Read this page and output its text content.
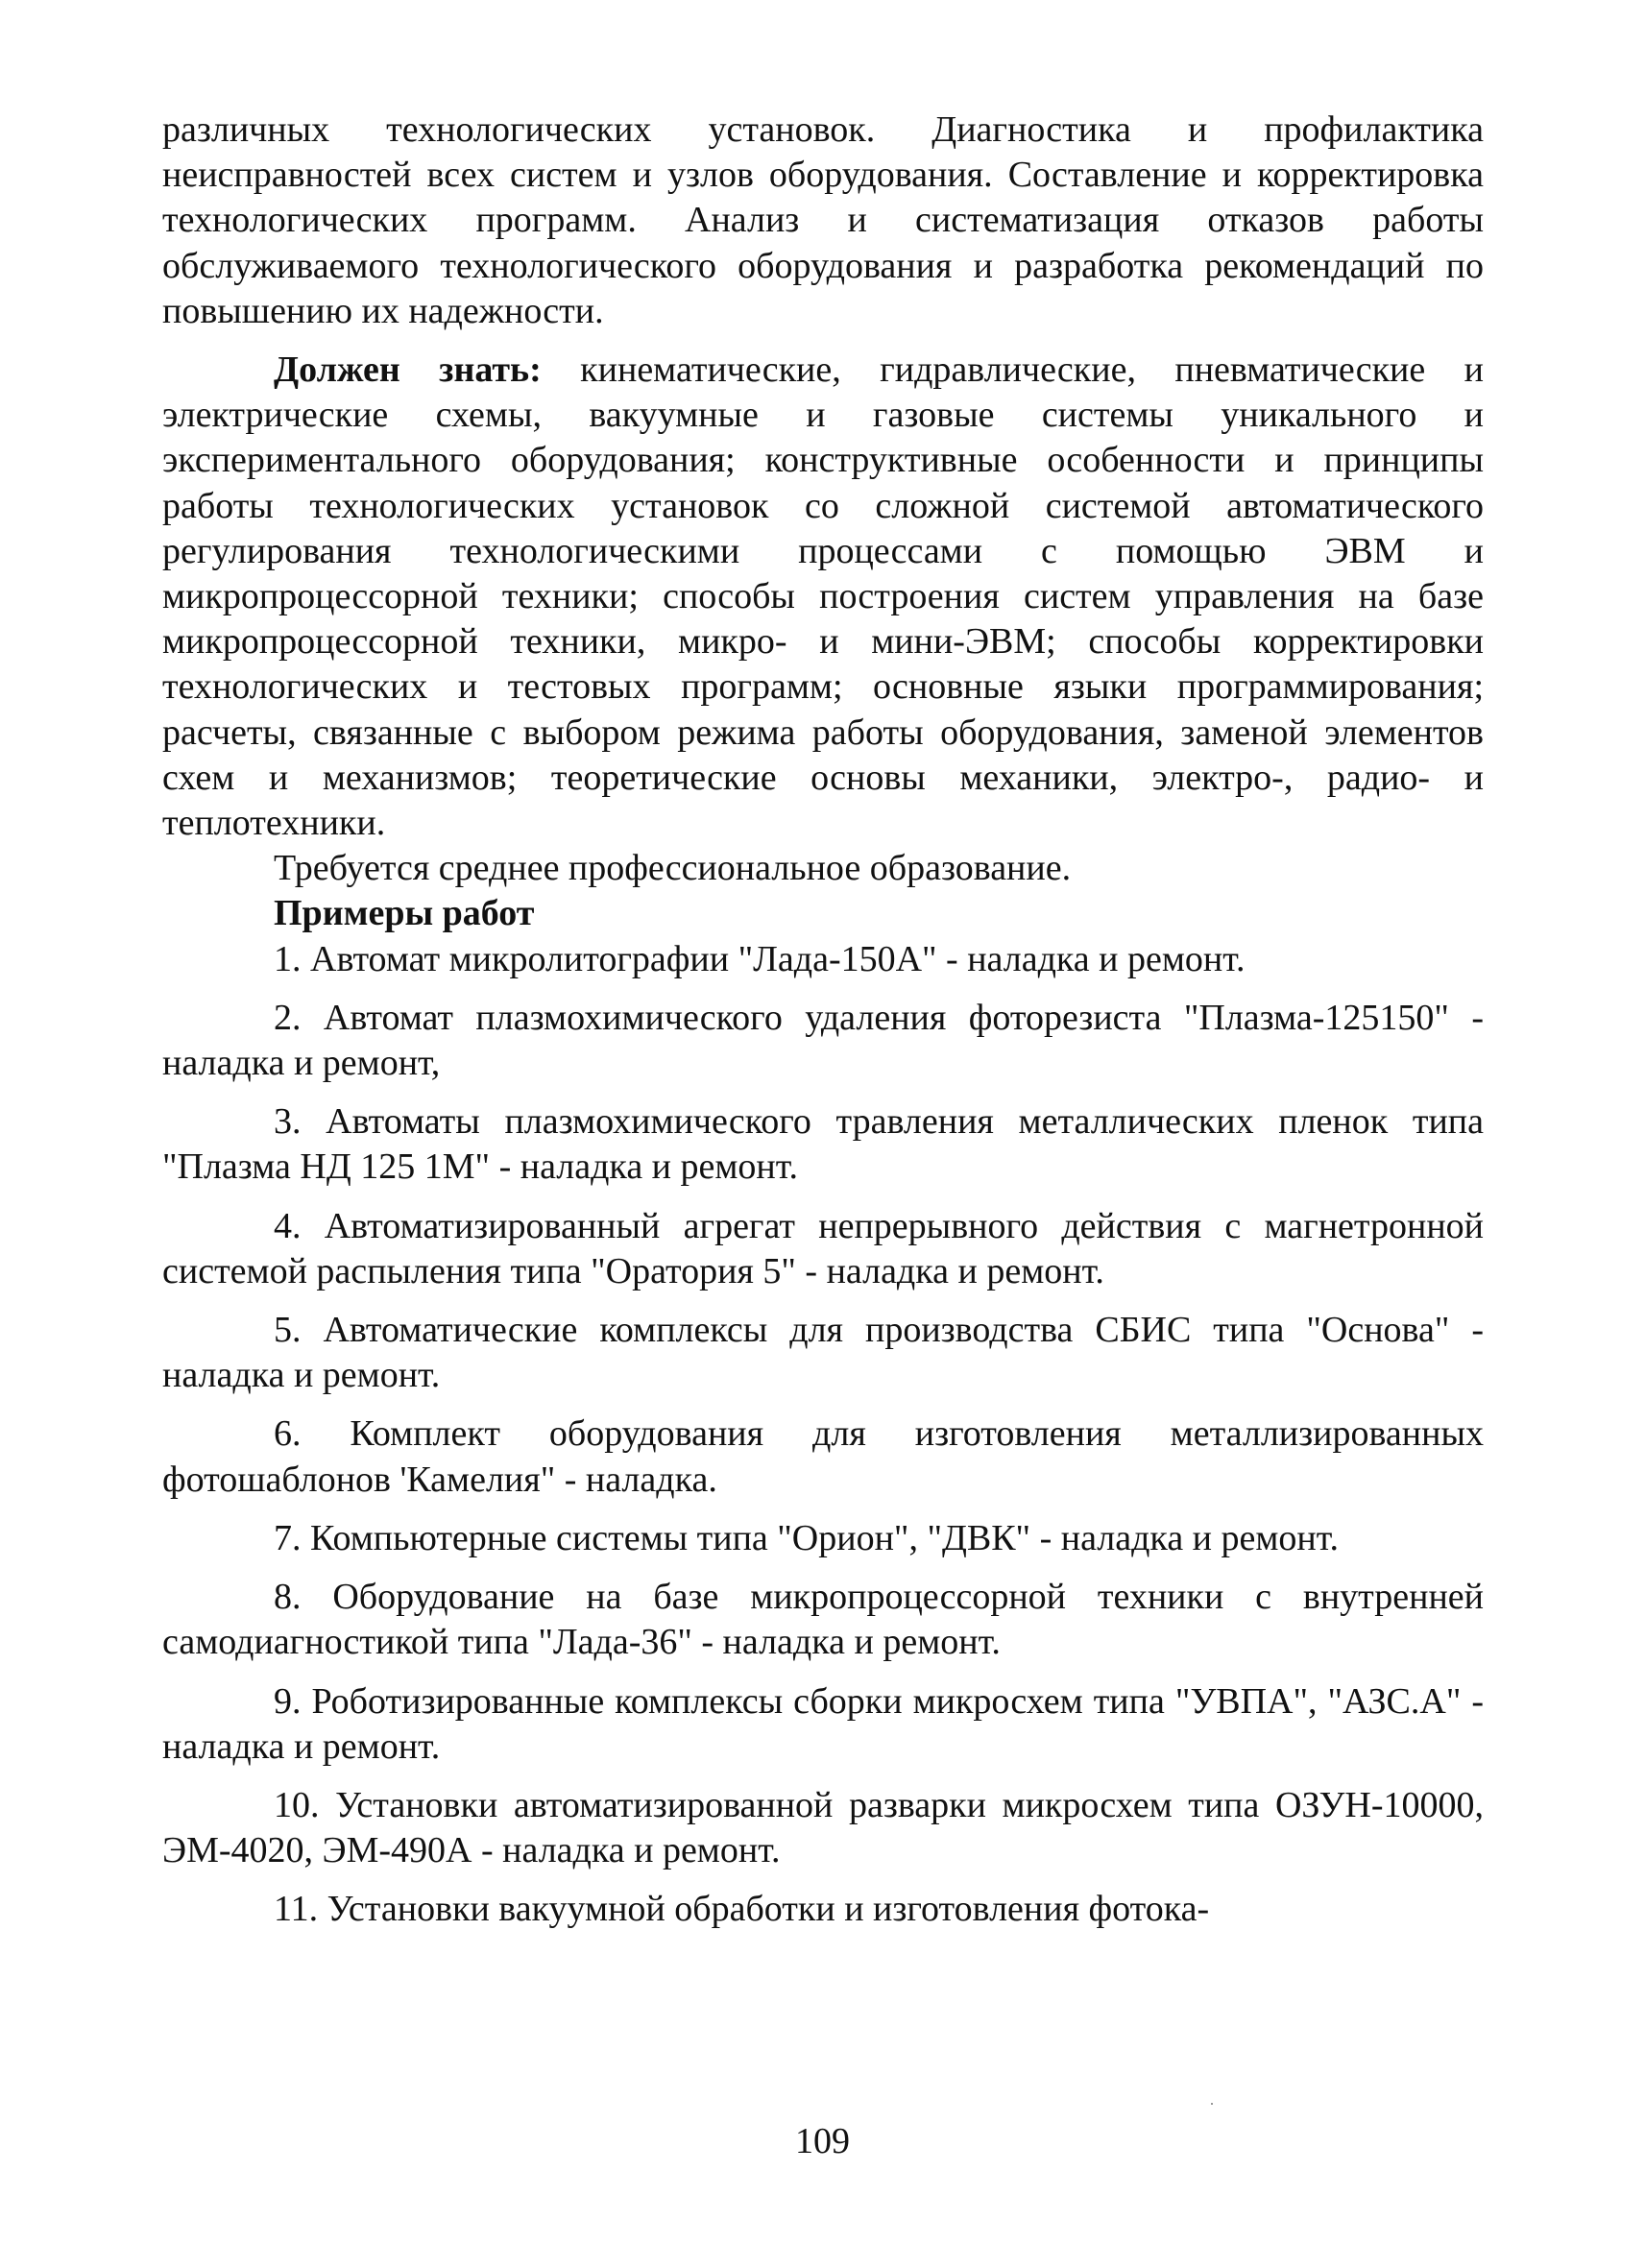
различных технологических установок. Диагностика и профилактика неисправностей всех систем и узлов оборудования. Составление и корректировка технологических программ. Анализ и систематизация отказов работы обслуживаемого технологического оборудования и разработка рекомендаций по повышению их надежности.

Должен знать: кинематические, гидравлические, пневматические и электрические схемы, вакуумные и газовые системы уникального и экспериментального оборудования; конструктивные особенности и принципы работы технологических установок со сложной системой автоматического регулирования технологическими процессами с помощью ЭВМ и микропроцессорной техники; способы построения систем управления на базе микропроцессорной техники, микро- и мини-ЭВМ; способы корректировки технологических и тестовых программ; основные языки программирования; расчеты, связанные с выбором режима работы оборудования, заменой элементов схем и механизмов; теоретические основы механики, электро-, радио- и теплотехники.

Требуется среднее профессиональное образование.

Примеры работ

1. Автомат микролитографии "Лада-150А" - наладка и ремонт.

2. Автомат плазмохимического удаления фоторезиста "Плазма-125150" - наладка и ремонт,

3. Автоматы плазмохимического травления металлических пленок типа "Плазма НД 125 1М" - наладка и ремонт.

4. Автоматизированный агрегат непрерывного действия с магнетронной системой распыления типа "Оратория 5" - наладка и ремонт.

5. Автоматические комплексы для производства СБИС типа "Основа" - наладка и ремонт.

6. Комплект оборудования для изготовления металлизированных фотошаблонов 'Камелия" - наладка.

7. Компьютерные системы типа "Орион", "ДВК" - наладка и ремонт.

8. Оборудование на базе микропроцессорной техники с внутренней самодиагностикой типа "Лада-36" - наладка и ремонт.

9. Роботизированные комплексы сборки микросхем типа "УВПА", "АЗС.А" - наладка и ремонт.

10. Установки автоматизированной разварки микросхем типа ОЗУН-10000, ЭМ-4020, ЭМ-490А - наладка и ремонт.

11. Установки вакуумной обработки и изготовления фотока-

109
